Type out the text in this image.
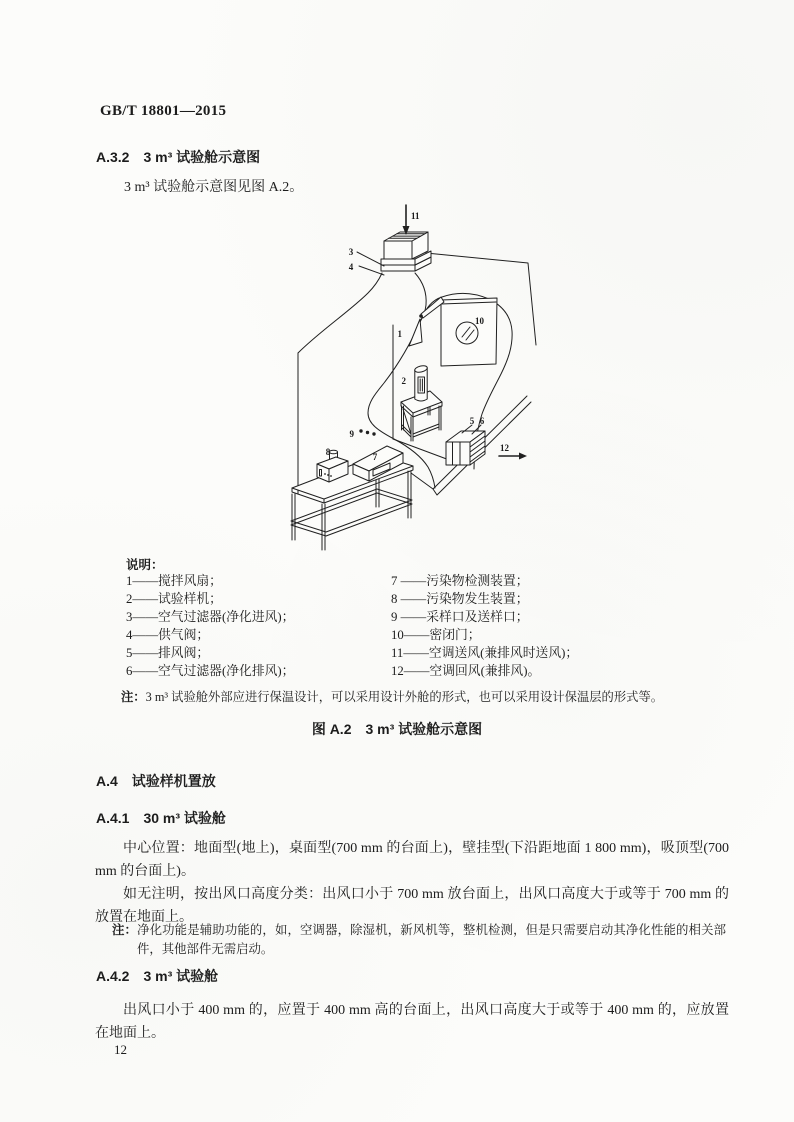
GB/T 18801—2015
A.3.2　3 m³ 试验舱示意图
3 m³ 试验舱示意图见图 A.2。
1
2
3
4
5 6
7
8
9
10
11
12
说明：
1——搅拌风扇；
2——试验样机；
3——空气过滤器(净化进风)；
4——供气阀；
5——排风阀；
6——空气过滤器(净化排风)；
7 ——污染物检测装置；
8 ——污染物发生装置；
9 ——采样口及送样口；
10——密闭门；
11——空调送风(兼排风时送风)；
12——空调回风(兼排风)。
注：3 m³ 试验舱外部应进行保温设计，可以采用设计外舱的形式，也可以采用设计保温层的形式等。
图 A.2　3 m³ 试验舱示意图
A.4　试验样机置放
A.4.1　30 m³ 试验舱
中心位置：地面型(地上)，桌面型(700 mm 的台面上)，壁挂型(下沿距地面 1 800 mm)，吸顶型(700 mm 的台面上)。
如无注明，按出风口高度分类：出风口小于 700 mm 放台面上，出风口高度大于或等于 700 mm 的放置在地面上。
注：净化功能是辅助功能的，如，空调器，除湿机，新风机等，整机检测，但是只需要启动其净化性能的相关部件，其他部件无需启动。
A.4.2　3 m³ 试验舱
出风口小于 400 mm 的，应置于 400 mm 高的台面上，出风口高度大于或等于 400 mm 的，应放置在地面上。
12
